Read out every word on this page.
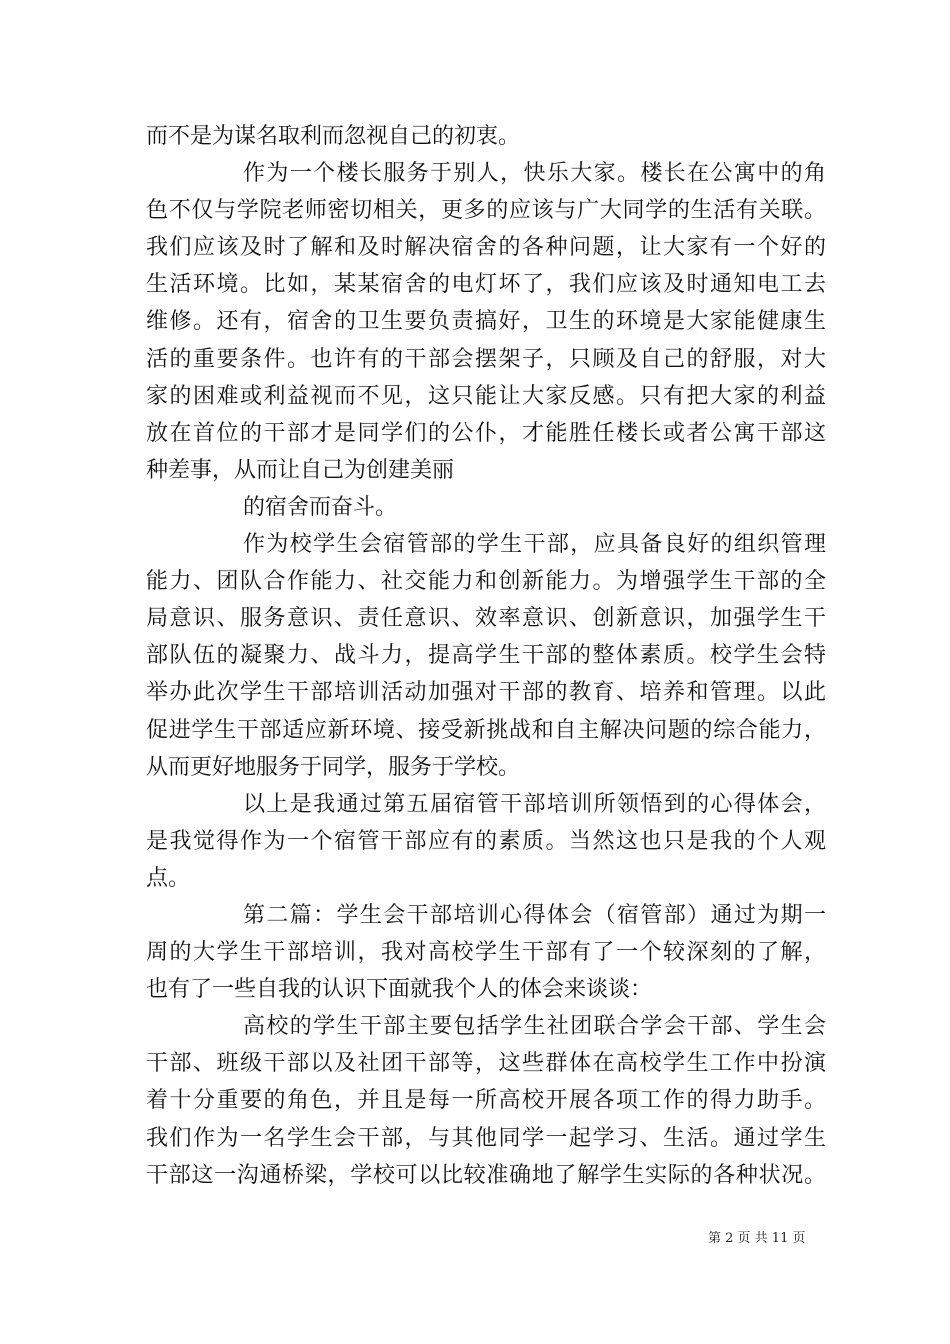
而不是为谋名取利而忽视自己的初衷。
作为一个楼长服务于别人，快乐大家。楼长在公寓中的角
色不仅与学院老师密切相关，更多的应该与广大同学的生活有关联。
我们应该及时了解和及时解决宿舍的各种问题，让大家有一个好的
生活环境。比如，某某宿舍的电灯坏了，我们应该及时通知电工去
维修。还有，宿舍的卫生要负责搞好，卫生的环境是大家能健康生
活的重要条件。也许有的干部会摆架子，只顾及自己的舒服，对大
家的困难或利益视而不见，这只能让大家反感。只有把大家的利益
放在首位的干部才是同学们的公仆，才能胜任楼长或者公寓干部这
种差事，从而让自己为创建美丽
的宿舍而奋斗。
作为校学生会宿管部的学生干部，应具备良好的组织管理
能力、团队合作能力、社交能力和创新能力。为增强学生干部的全
局意识、服务意识、责任意识、效率意识、创新意识，加强学生干
部队伍的凝聚力、战斗力，提高学生干部的整体素质。校学生会特
举办此次学生干部培训活动加强对干部的教育、培养和管理。以此
促进学生干部适应新环境、接受新挑战和自主解决问题的综合能力，
从而更好地服务于同学，服务于学校。
以上是我通过第五届宿管干部培训所领悟到的心得体会，
是我觉得作为一个宿管干部应有的素质。当然这也只是我的个人观
点。
第二篇：学生会干部培训心得体会（宿管部）通过为期一
周的大学生干部培训，我对高校学生干部有了一个较深刻的了解，
也有了一些自我的认识下面就我个人的体会来谈谈：
高校的学生干部主要包括学生社团联合学会干部、学生会
干部、班级干部以及社团干部等，这些群体在高校学生工作中扮演
着十分重要的角色，并且是每一所高校开展各项工作的得力助手。
我们作为一名学生会干部，与其他同学一起学习、生活。通过学生
干部这一沟通桥梁，学校可以比较准确地了解学生实际的各种状况。
第 2 页 共 11 页
